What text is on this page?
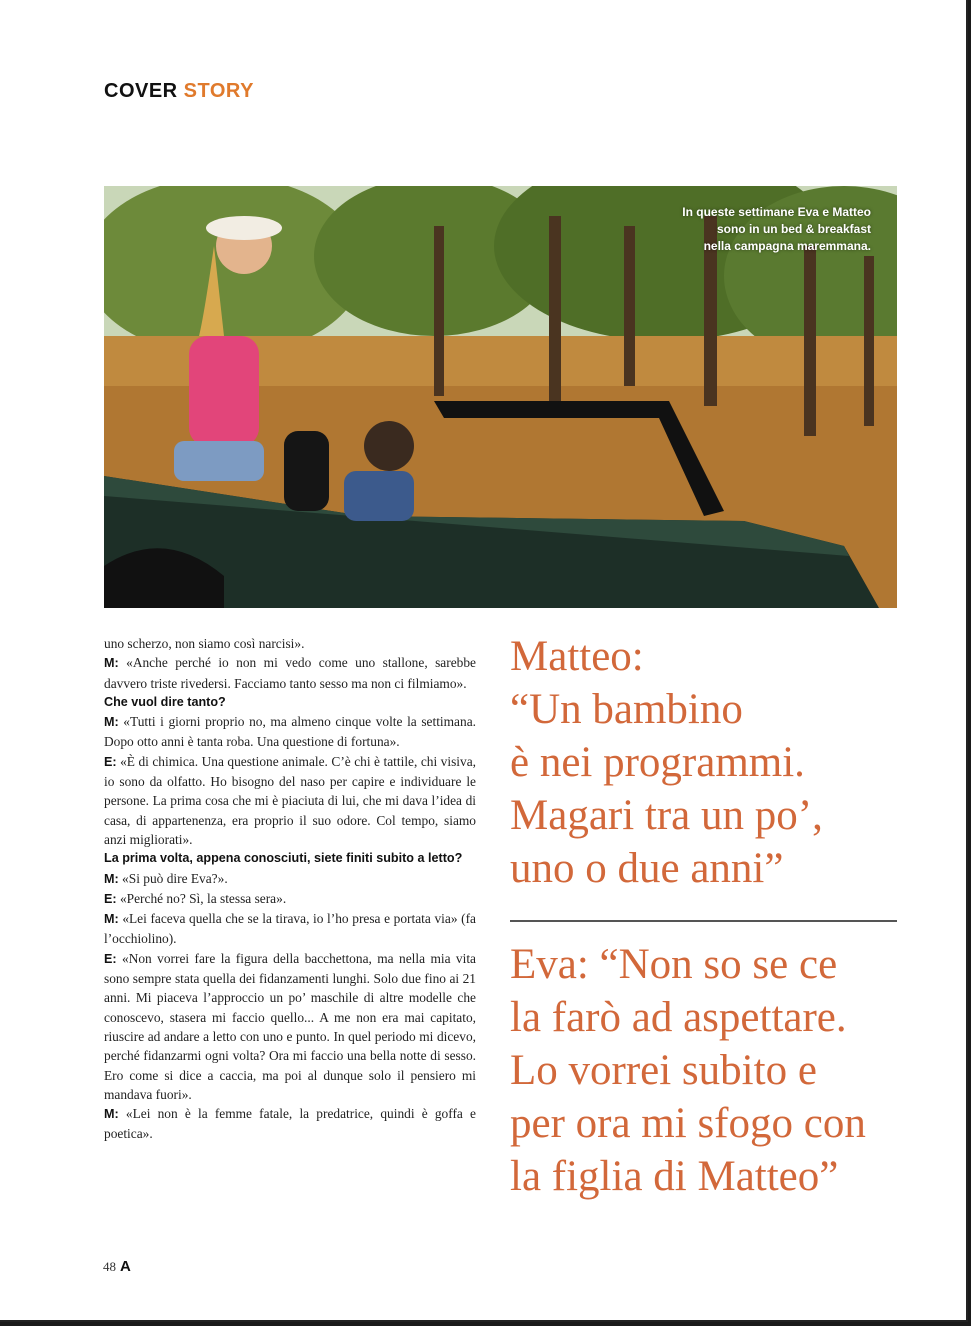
COVER STORY
In queste settimane Eva e Matteo
sono in un bed & breakfast
nella campagna maremmana.

uno scherzo, non siamo così narcisi».

M: «Anche perché io non mi vedo come uno stallone, sarebbe davvero triste rivedersi. Facciamo tanto sesso ma non ci filmiamo».

Che vuol dire tanto?

M: «Tutti i giorni proprio no, ma almeno cinque volte la settimana. Dopo otto anni è tanta roba. Una questione di fortuna».

E: «È di chimica. Una questione animale. C’è chi è tattile, chi visiva, io sono da olfatto. Ho bisogno del naso per capire e individuare le persone. La prima cosa che mi è piaciuta di lui, che mi dava l’idea di casa, di appartenenza, era proprio il suo odore. Col tempo, siamo anzi migliorati».

La prima volta, appena conosciuti, siete finiti subito a letto?

M: «Si può dire Eva?».

E: «Perché no? Sì, la stessa sera».

M: «Lei faceva quella che se la tirava, io l’ho presa e portata via» (fa l’occhiolino).

E: «Non vorrei fare la figura della bacchettona, ma nella mia vita sono sempre stata quella dei fidanzamenti lunghi. Solo due fino ai 21 anni. Mi piaceva l’approccio un po’ maschile di altre modelle che conoscevo, stasera mi faccio quello... A me non era mai capitato, riuscire ad andare a letto con uno e punto. In quel periodo mi dicevo, perché fidanzarmi ogni volta? Ora mi faccio una bella notte di sesso. Ero come si dice a caccia, ma poi al dunque solo il pensiero mi mandava fuori».

M: «Lei non è la femme fatale, la predatrice, quindi è goffa e poetica».

Matteo:
“Un bambino
è nei programmi.
Magari tra un po’,
uno o due anni”
Eva: “Non so se ce
la farò ad aspettare.
Lo vorrei subito e
per ora mi sfogo con
la figlia di Matteo”
48 A
